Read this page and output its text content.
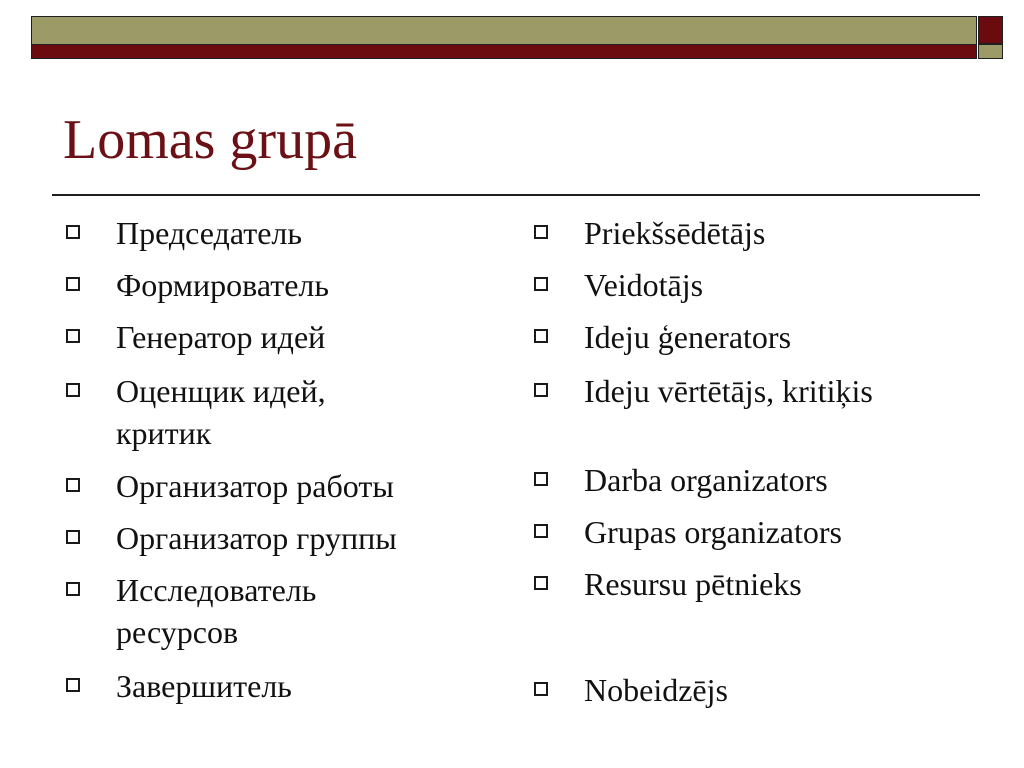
Lomas grupā
Председатель
Формирователь
Генератор идей
Оценщик идей,
критик
Организатор работы
Организатор группы
Исследователь
ресурсов
Завершитель
Priekšsēdētājs
Veidotājs
Ideju ģenerators
Ideju vērtētājs, kritiķis
Darba organizators
Grupas organizators
Resursu pētnieks
Nobeidzējs
